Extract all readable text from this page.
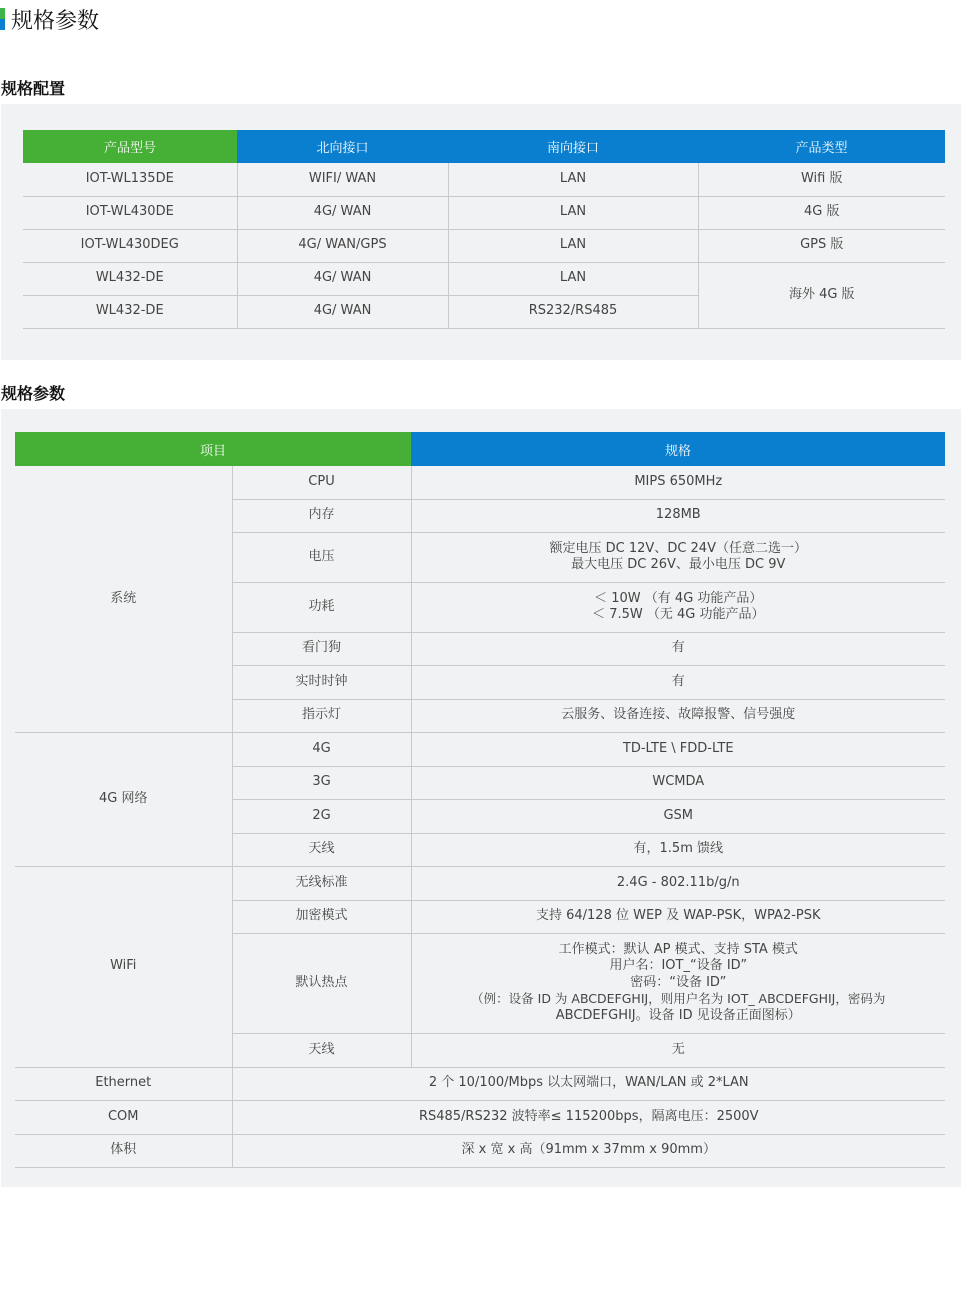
规格参数
规格配置
产品型号	北向接口	南向接口	产品类型
IOT-WL135DE	WIFI/ WAN	LAN	Wifi 版
IOT-WL430DE	4G/ WAN	LAN	4G 版
IOT-WL430DEG	4G/ WAN/GPS	LAN	GPS 版
WL432-DE	4G/ WAN	LAN	海外 4G 版
WL432-DE	4G/ WAN	RS232/RS485	
规格参数
项目		规格
系统	CPU	MIPS 650MHz
	内存	128MB
	电压	额定电压 DC 12V、DC 24V（任意二选一）
最大电压 DC 26V、最小电压 DC 9V

	功耗	＜ 10W （有 4G 功能产品）
＜ 7.5W （无 4G 功能产品）

	看门狗	有
	实时时钟	有
	指示灯	云服务、设备连接、故障报警、信号强度
4G 网络	4G	TD-LTE \ FDD-LTE
	3G	WCMDA
	2G	GSM
	天线	有，1.5m 馈线
WiFi	无线标准	2.4G - 802.11b/g/n
	加密模式	支持 64/128 位 WEP 及 WAP-PSK，WPA2-PSK
	默认热点	工作模式：默认 AP 模式、支持 STA 模式
用户名：IOT_“设备 ID”
密码：“设备 ID”
（例：设备 ID 为 ABCDEFGHIJ，则用户名为 IOT_ ABCDEFGHIJ，密码为
ABCDEFGHIJ。设备 ID 见设备正面图标）

	天线	无
Ethernet	2 个 10/100/Mbps 以太网端口，WAN/LAN 或 2*LAN	
COM	RS485/RS232 波特率≤ 115200bps，隔离电压：2500V	
体积	深 x 宽 x 高（91mm x 37mm x 90mm）	
